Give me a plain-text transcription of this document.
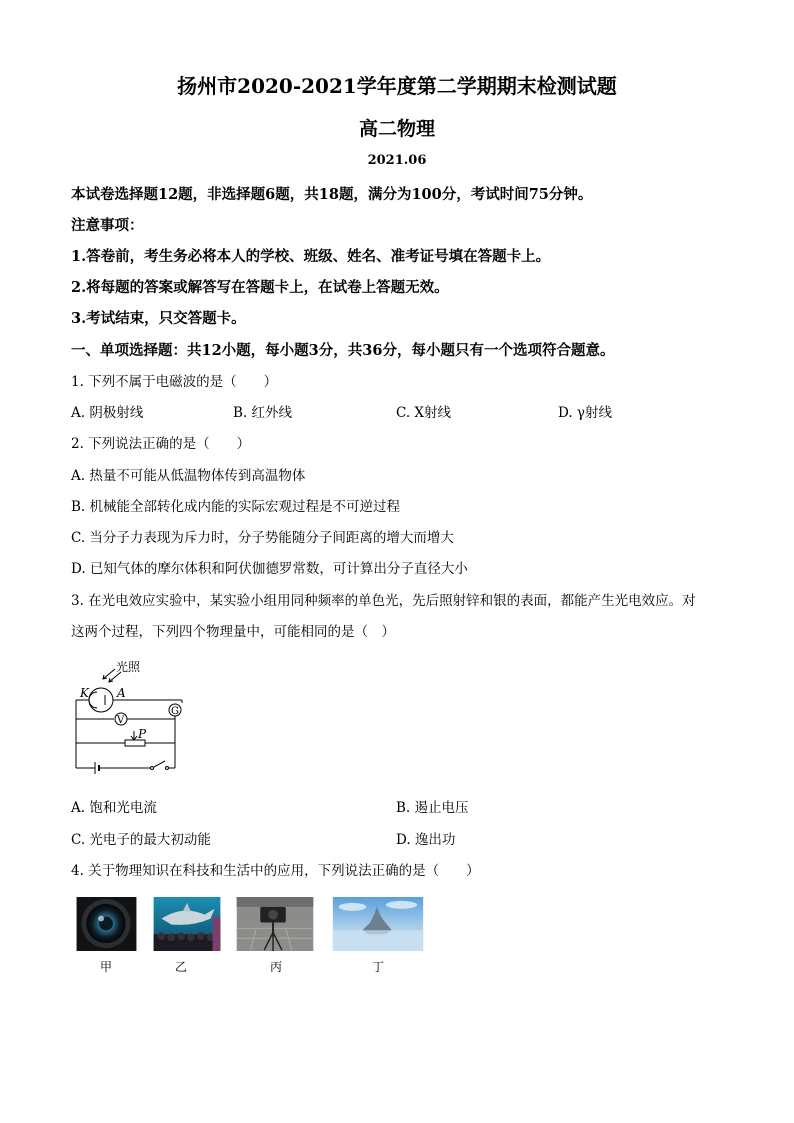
扬州市2020-2021学年度第二学期期末检测试题
高二物理
2021.06
本试卷选择题12题，非选择题6题，共18题，满分为100分，考试时间75分钟。
注意事项：
1.答卷前，考生务必将本人的学校、班级、姓名、准考证号填在答题卡上。
2.将每题的答案或解答写在答题卡上，在试卷上答题无效。
3.考试结束，只交答题卡。
一、单项选择题：共12小题，每小题3分，共36分，每小题只有一个选项符合题意。
1. 下列不属于电磁波的是（　　）
A. 阴极射线	B. 红外线	C. X射线	D. γ射线
2. 下列说法正确的是（　　）
A. 热量不可能从低温物体传到高温物体
B. 机械能全部转化成内能的实际宏观过程是不可逆过程
C. 当分子力表现为斥力时，分子势能随分子间距离的增大而增大
D. 已知气体的摩尔体积和阿伏伽德罗常数，可计算出分子直径大小
3. 在光电效应实验中，某实验小组用同种频率的单色光，先后照射锌和银的表面，都能产生光电效应。对
这两个过程，下列四个物理量中，可能相同的是（　）
光照
K A
V
G
P
A. 饱和光电流	B. 遏止电压
C. 光电子的最大初动能	D. 逸出功
4. 关于物理知识在科技和生活中的应用，下列说法正确的是（　　）
甲	乙	丙	丁
